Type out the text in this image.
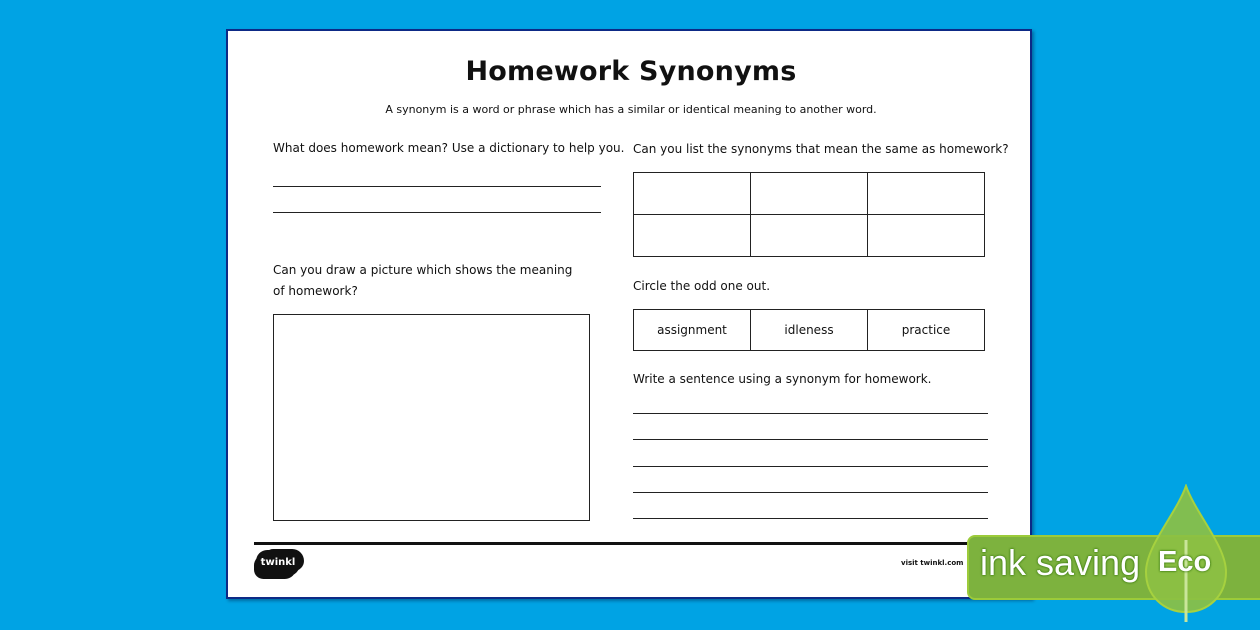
Homework Synonyms
A synonym is a word or phrase which has a similar or identical meaning to another word.
What does homework mean? Use a dictionary to help you.
Can you draw a picture which shows the meaning
of homework?
Can you list the synonyms that mean the same as homework?

Circle the odd one out.
assignment	idleness	practice
Write a sentence using a synonym for homework.
twinkl	visit twinkl.com ink saving Eco
